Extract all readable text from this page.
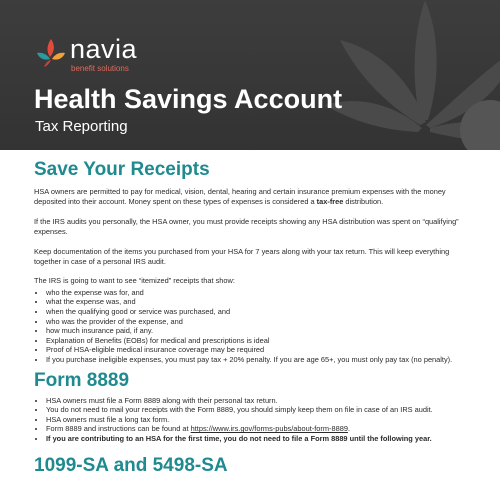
navia
benefit solutions
Health Savings Account
Tax Reporting
Save Your Receipts

HSA owners are permitted to pay for medical, vision, dental, hearing and certain insurance premium expenses with the money deposited into their account. Money spent on these types of expenses is considered a tax-free distribution.

If the IRS audits you personally, the HSA owner, you must provide receipts showing any HSA distribution was spent on “qualifying” expenses.

Keep documentation of the items you purchased from your HSA for 7 years along with your tax return. This will keep everything together in case of a personal IRS audit.

The IRS is going to want to see “itemized” receipts that show:

• who the expense was for, and
• what the expense was, and
• when the qualifying good or service was purchased, and
• who was the provider of the expense, and
• how much insurance paid, if any.
• Explanation of Benefits (EOBs) for medical and prescriptions is ideal
• Proof of HSA-eligible medical insurance coverage may be required
• If you purchase ineligible expenses, you must pay tax + 20% penalty. If you are age 65+, you must only pay tax (no penalty).
Form 8889
• HSA owners must file a Form 8889 along with their personal tax return.
• You do not need to mail your receipts with the Form 8889, you should simply keep them on file in case of an IRS audit.
• HSA owners must file a long tax form.
• Form 8889 and instructions can be found at https://www.irs.gov/forms-pubs/about-form-8889.
• If you are contributing to an HSA for the first time, you do not need to file a Form 8889 until the following year.
1099-SA and 5498-SA
